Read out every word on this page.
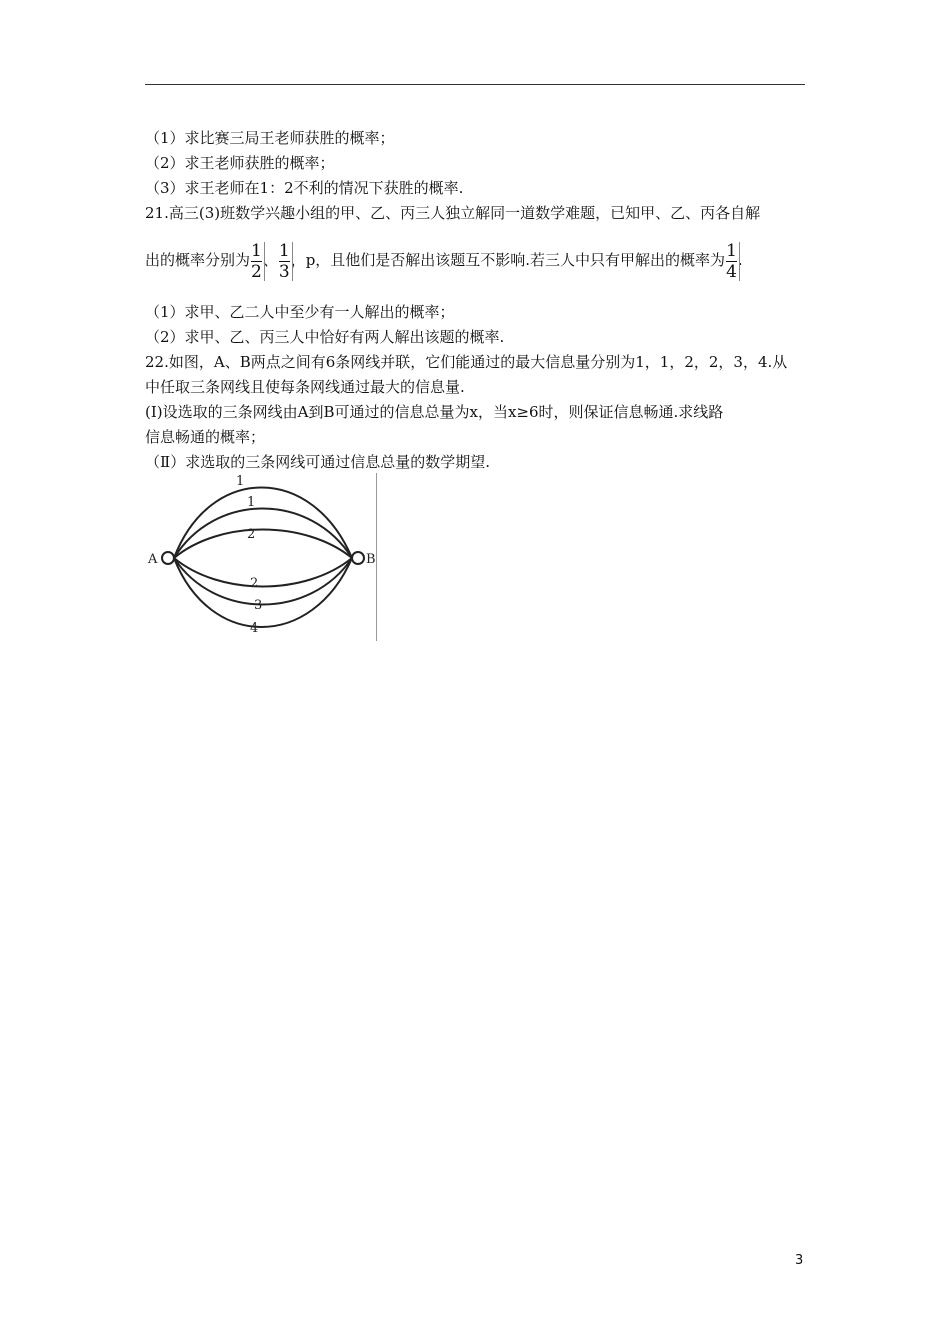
（1）求比赛三局王老师获胜的概率；
（2）求王老师获胜的概率；
（3）求王老师在1：2不利的情况下获胜的概率.
21.高三(3)班数学兴趣小组的甲、乙、丙三人独立解同一道数学难题，已知甲、乙、丙各自解
出的概率分别为 $\frac{1}{2}$ 、 $\frac{1}{3}$ ，p，且他们是否解出该题互不影响.若三人中只有甲解出的概率为 $\frac{1}{4}$ .
（1）求甲、乙二人中至少有一人解出的概率；
（2）求甲、乙、丙三人中恰好有两人解出该题的概率.
22.如图，A、B两点之间有6条网线并联，它们能通过的最大信息量分别为1，1，2，2，3，4.从
中任取三条网线且使每条网线通过最大的信息量.
(I)设选取的三条网线由A到B可通过的信息总量为x，当x≥6时，则保证信息畅通.求线路
信息畅通的概率；
（Ⅱ）求选取的三条网线可通过信息总量的数学期望.
A	B
1
1
2
2
3
4
3
